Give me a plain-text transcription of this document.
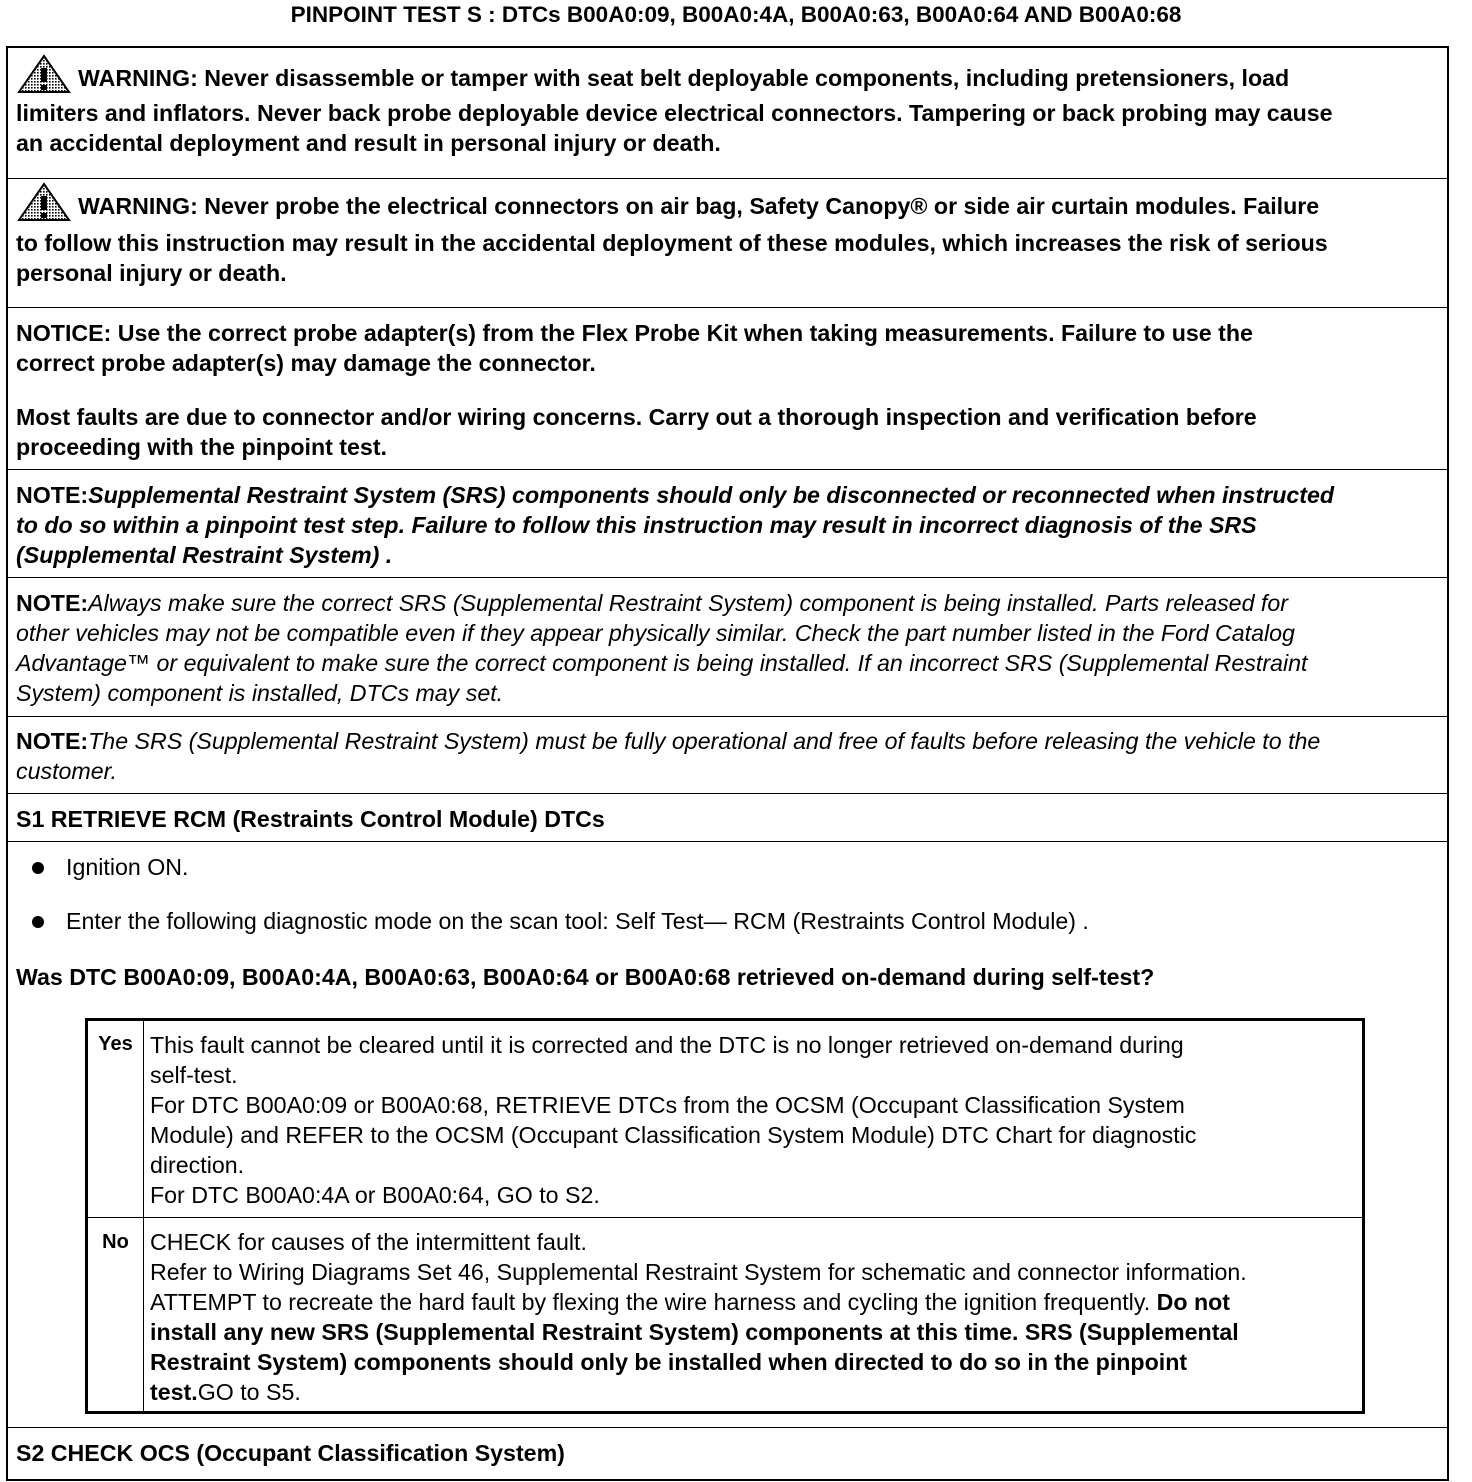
PINPOINT TEST S : DTCs B00A0:09, B00A0:4A, B00A0:63, B00A0:64 AND B00A0:68
WARNING: Never disassemble or tamper with seat belt deployable components, including pretensioners, load
limiters and inflators. Never back probe deployable device electrical connectors. Tampering or back probing may cause
an accidental deployment and result in personal injury or death.
WARNING: Never probe the electrical connectors on air bag, Safety Canopy® or side air curtain modules. Failure
to follow this instruction may result in the accidental deployment of these modules, which increases the risk of serious
personal injury or death.
NOTICE: Use the correct probe adapter(s) from the Flex Probe Kit when taking measurements. Failure to use the
correct probe adapter(s) may damage the connector.
Most faults are due to connector and/or wiring concerns. Carry out a thorough inspection and verification before
proceeding with the pinpoint test.
NOTE:Supplemental Restraint System (SRS) components should only be disconnected or reconnected when instructed
to do so within a pinpoint test step. Failure to follow this instruction may result in incorrect diagnosis of the SRS
(Supplemental Restraint System) .
NOTE:Always make sure the correct SRS (Supplemental Restraint System) component is being installed. Parts released for
other vehicles may not be compatible even if they appear physically similar. Check the part number listed in the Ford Catalog
Advantage™ or equivalent to make sure the correct component is being installed. If an incorrect SRS (Supplemental Restraint
System) component is installed, DTCs may set.
NOTE:The SRS (Supplemental Restraint System) must be fully operational and free of faults before releasing the vehicle to the
customer.
S1 RETRIEVE RCM (Restraints Control Module) DTCs
Ignition ON.
Enter the following diagnostic mode on the scan tool: Self Test— RCM (Restraints Control Module) .
Was DTC B00A0:09, B00A0:4A, B00A0:63, B00A0:64 or B00A0:68 retrieved on-demand during self-test?
Yes This fault cannot be cleared until it is corrected and the DTC is no longer retrieved on-demand during
self-test.
For DTC B00A0:09 or B00A0:68, RETRIEVE DTCs from the OCSM (Occupant Classification System
Module) and REFER to the OCSM (Occupant Classification System Module) DTC Chart for diagnostic
direction.
For DTC B00A0:4A or B00A0:64, GO to S2.
No CHECK for causes of the intermittent fault.
Refer to Wiring Diagrams Set 46, Supplemental Restraint System for schematic and connector information.
ATTEMPT to recreate the hard fault by flexing the wire harness and cycling the ignition frequently. Do not
install any new SRS (Supplemental Restraint System) components at this time. SRS (Supplemental
Restraint System) components should only be installed when directed to do so in the pinpoint
test.GO to S5.
S2 CHECK OCS (Occupant Classification System)
